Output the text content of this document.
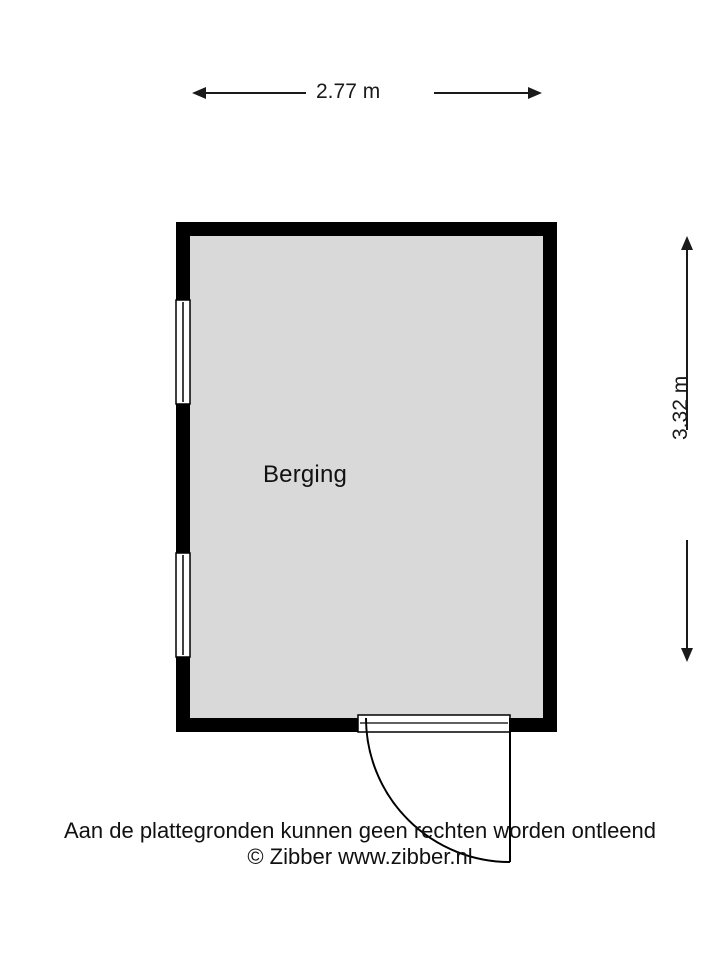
2.77 m
3.32 m
Berging
Aan de plattegronden kunnen geen rechten worden ontleend
© Zibber www.zibber.nl
